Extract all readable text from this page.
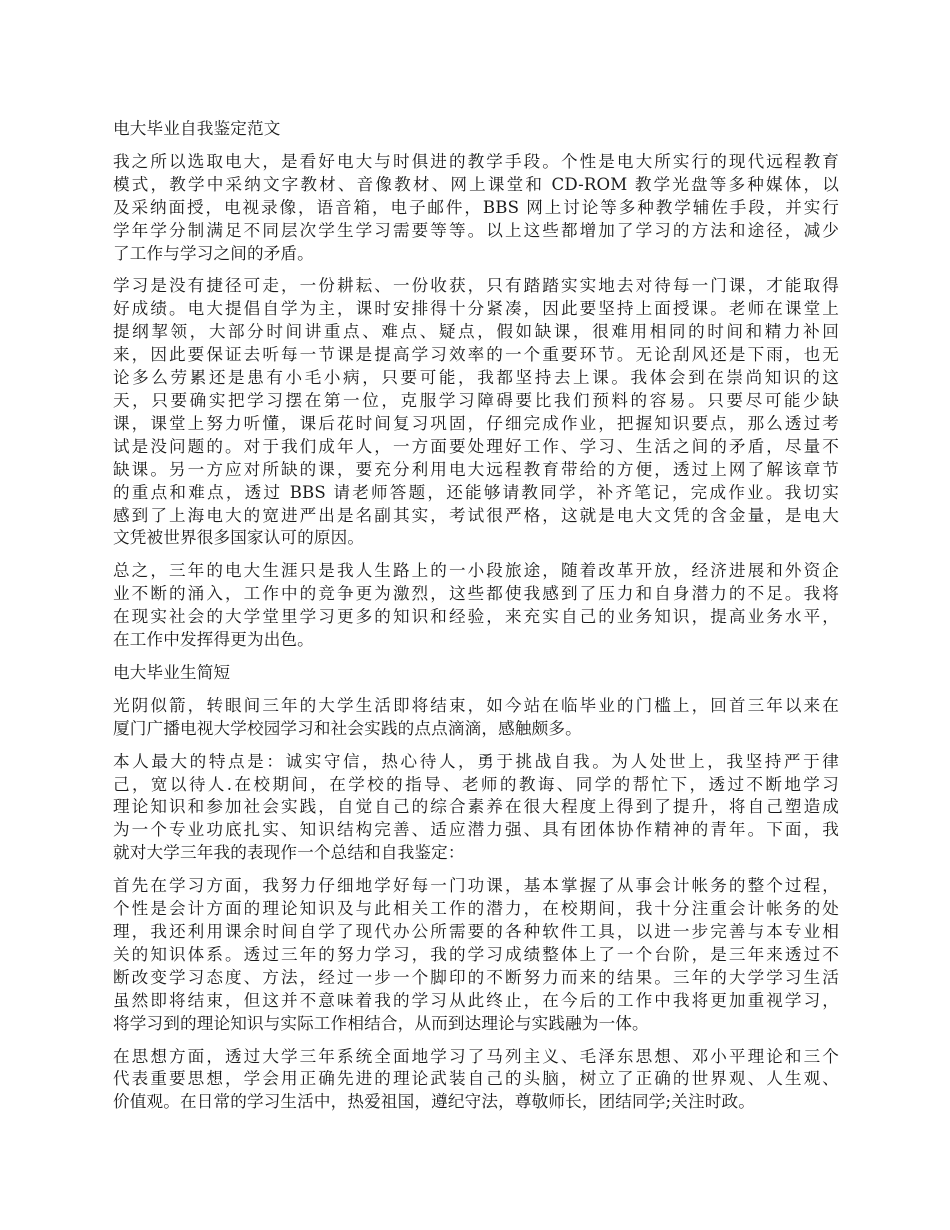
电大毕业自我鉴定范文
我之所以选取电大，是看好电大与时俱进的教学手段。个性是电大所实行的现代远程教育
模式，教学中采纳文字教材、音像教材、网上课堂和 CD-ROM 教学光盘等多种媒体，以
及采纳面授，电视录像，语音箱，电子邮件，BBS 网上讨论等多种教学辅佐手段，并实行
学年学分制满足不同层次学生学习需要等等。以上这些都增加了学习的方法和途径，减少
了工作与学习之间的矛盾。
学习是没有捷径可走，一份耕耘、一份收获，只有踏踏实实地去对待每一门课，才能取得
好成绩。电大提倡自学为主，课时安排得十分紧凑，因此要坚持上面授课。老师在课堂上
提纲挈领，大部分时间讲重点、难点、疑点，假如缺课，很难用相同的时间和精力补回
来，因此要保证去听每一节课是提高学习效率的一个重要环节。无论刮风还是下雨，也无
论多么劳累还是患有小毛小病，只要可能，我都坚持去上课。我体会到在崇尚知识的这
天，只要确实把学习摆在第一位，克服学习障碍要比我们预料的容易。只要尽可能少缺
课，课堂上努力听懂，课后花时间复习巩固，仔细完成作业，把握知识要点，那么透过考
试是没问题的。对于我们成年人，一方面要处理好工作、学习、生活之间的矛盾，尽量不
缺课。另一方应对所缺的课，要充分利用电大远程教育带给的方便，透过上网了解该章节
的重点和难点，透过 BBS 请老师答题，还能够请教同学，补齐笔记，完成作业。我切实
感到了上海电大的宽进严出是名副其实，考试很严格，这就是电大文凭的含金量，是电大
文凭被世界很多国家认可的原因。
总之，三年的电大生涯只是我人生路上的一小段旅途，随着改革开放，经济进展和外资企
业不断的涌入，工作中的竞争更为激烈，这些都使我感到了压力和自身潜力的不足。我将
在现实社会的大学堂里学习更多的知识和经验，来充实自己的业务知识，提高业务水平，
在工作中发挥得更为出色。
电大毕业生简短
光阴似箭，转眼间三年的大学生活即将结束，如今站在临毕业的门槛上，回首三年以来在
厦门广播电视大学校园学习和社会实践的点点滴滴，感触颇多。
本人最大的特点是：诚实守信，热心待人，勇于挑战自我。为人处世上，我坚持严于律
己，宽以待人.在校期间，在学校的指导、老师的教诲、同学的帮忙下，透过不断地学习
理论知识和参加社会实践，自觉自己的综合素养在很大程度上得到了提升，将自己塑造成
为一个专业功底扎实、知识结构完善、适应潜力强、具有团体协作精神的青年。下面，我
就对大学三年我的表现作一个总结和自我鉴定：
首先在学习方面，我努力仔细地学好每一门功课，基本掌握了从事会计帐务的整个过程，
个性是会计方面的理论知识及与此相关工作的潜力，在校期间，我十分注重会计帐务的处
理，我还利用课余时间自学了现代办公所需要的各种软件工具，以进一步完善与本专业相
关的知识体系。透过三年的努力学习，我的学习成绩整体上了一个台阶，是三年来透过不
断改变学习态度、方法，经过一步一个脚印的不断努力而来的结果。三年的大学学习生活
虽然即将结束，但这并不意味着我的学习从此终止，在今后的工作中我将更加重视学习，
将学习到的理论知识与实际工作相结合，从而到达理论与实践融为一体。
在思想方面，透过大学三年系统全面地学习了马列主义、毛泽东思想、邓小平理论和三个
代表重要思想，学会用正确先进的理论武装自己的头脑，树立了正确的世界观、人生观、
价值观。在日常的学习生活中，热爱祖国，遵纪守法，尊敬师长，团结同学;关注时政。
